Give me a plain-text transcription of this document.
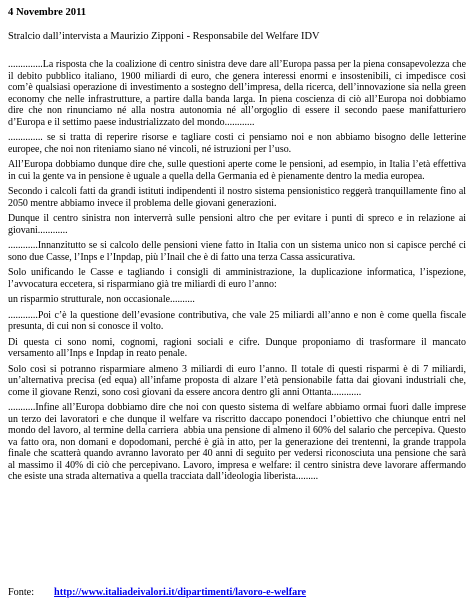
4 Novembre 2011
Stralcio dall’intervista a Maurizio Zipponi - Responsabile del Welfare IDV

..............La risposta che la coalizione di centro sinistra deve dare all’Europa passa per la piena consapevolezza che il debito pubblico italiano, 1900 miliardi di euro, che genera interessi enormi e insostenibili, ci impedisce così com’è qualsiasi operazione di investimento a sostegno dell’impresa, della ricerca, dell’innovazione sia nella green economy che nelle infrastrutture, a partire dalla banda larga. In piena coscienza di ciò all’Europa noi dobbiamo dire che non rinunciamo né alla nostra autonomia né all’orgoglio di essere il secondo paese manifatturiero d’Europa e il settimo paese industrializzato del mondo............

.............. se si tratta di reperire risorse e tagliare costi ci pensiamo noi e non abbiamo bisogno delle letterine europee, che noi non riteniamo siano né vincoli, né istruzioni per l’uso.

All’Europa dobbiamo dunque dire che, sulle questioni aperte come le pensioni, ad esempio, in Italia l’età effettiva in cui la gente va in pensione è uguale a quella della Germania ed è pienamente dentro la media europea.

Secondo i calcoli fatti da grandi istituti indipendenti il nostro sistema pensionistico reggerà tranquillamente fino al 2050 mentre abbiamo invece il problema delle giovani generazioni.

Dunque il centro sinistra non interverrà sulle pensioni altro che per evitare i punti di spreco e in relazione ai giovani............

............Innanzitutto se si calcolo delle pensioni viene fatto in Italia con un sistema unico non si capisce perché ci sono due Casse, l’Inps e l’Inpdap, più l’Inail che è di fatto una terza Cassa assicurativa.

Solo unificando le Casse e tagliando i consigli di amministrazione, la duplicazione informatica, l’ispezione, l’avvocatura eccetera, si risparmiano già tre miliardi di euro l’anno:

un risparmio strutturale, non occasionale..........

............Poi c’è la questione dell’evasione contributiva, che vale 25 miliardi all’anno e non è come quella fiscale presunta, di cui non si conosce il volto.

Di questa ci sono nomi, cognomi, ragioni sociali e cifre. Dunque proponiamo di trasformare il mancato versamento all’Inps e Inpdap in reato penale.

Solo così si potranno risparmiare almeno 3 miliardi di euro l’anno. Il totale di questi risparmi è di 7 miliardi, un’alternativa precisa (ed equa) all’infame proposta di alzare l’età pensionabile fatta dai giovani industriali che, come il giovane Renzi, sono così giovani da essere ancora dentro gli anni Ottanta............

...........Infine all’Europa dobbiamo dire che noi con questo sistema di welfare abbiamo ormai fuori dalle imprese un terzo dei lavoratori e che dunque il welfare va riscritto daccapo ponendoci l’obiettivo che chiunque entri nel mondo del lavoro, al termine della carriera  abbia una pensione di almeno il 60% del salario che percepiva. Questo va fatto ora, non domani e dopodomani, perché è già in atto, per la generazione dei trentenni, la grande trappola finale che scatterà quando avranno lavorato per 40 anni di seguito per vedersi riconosciuta una pensione che sarà al massimo il 40% di ciò che percepivano. Lavoro, impresa e welfare: il centro sinistra deve lavorare affermando che esiste una strada alternativa a quella tracciata dall’ideologia liberista.........

Fonte: http://www.italiadeivalori.it/dipartimenti/lavoro-e-welfare
